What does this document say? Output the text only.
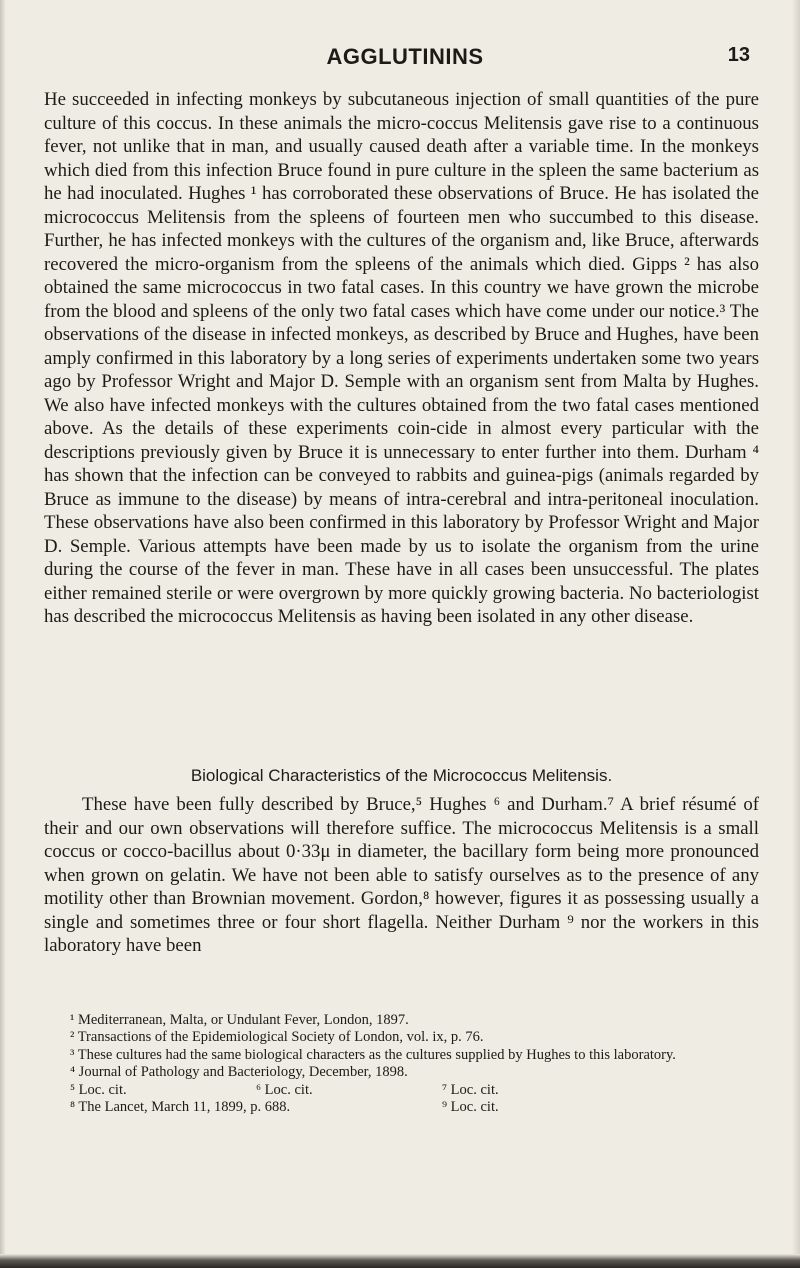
AGGLUTININS	13

He succeeded in infecting monkeys by subcutaneous injection of small quantities of the pure culture of this coccus. In these animals the micro-coccus Melitensis gave rise to a continuous fever, not unlike that in man, and usually caused death after a variable time. In the monkeys which died from this infection Bruce found in pure culture in the spleen the same bacterium as he had inoculated. Hughes ¹ has corroborated these observations of Bruce. He has isolated the micrococcus Melitensis from the spleens of fourteen men who succumbed to this disease. Further, he has infected monkeys with the cultures of the organism and, like Bruce, afterwards recovered the micro-organism from the spleens of the animals which died. Gipps ² has also obtained the same micrococcus in two fatal cases. In this country we have grown the microbe from the blood and spleens of the only two fatal cases which have come under our notice.³ The observations of the disease in infected monkeys, as described by Bruce and Hughes, have been amply confirmed in this laboratory by a long series of experiments undertaken some two years ago by Professor Wright and Major D. Semple with an organism sent from Malta by Hughes. We also have infected monkeys with the cultures obtained from the two fatal cases mentioned above. As the details of these experiments coin-cide in almost every particular with the descriptions previously given by Bruce it is unnecessary to enter further into them. Durham ⁴ has shown that the infection can be conveyed to rabbits and guinea-pigs (animals regarded by Bruce as immune to the disease) by means of intra-cerebral and intra-peritoneal inoculation. These observations have also been confirmed in this laboratory by Professor Wright and Major D. Semple. Various attempts have been made by us to isolate the organism from the urine during the course of the fever in man. These have in all cases been unsuccessful. The plates either remained sterile or were overgrown by more quickly growing bacteria. No bacteriologist has described the micrococcus Melitensis as having been isolated in any other disease.

Biological Characteristics of the Micrococcus Melitensis.

These have been fully described by Bruce,⁵ Hughes ⁶ and Durham.⁷ A brief résumé of their and our own observations will therefore suffice. The micrococcus Melitensis is a small coccus or cocco-bacillus about 0·33μ in diameter, the bacillary form being more pronounced when grown on gelatin. We have not been able to satisfy ourselves as to the presence of any motility other than Brownian movement. Gordon,⁸ however, figures it as possessing usually a single and sometimes three or four short flagella. Neither Durham ⁹ nor the workers in this laboratory have been

¹ Mediterranean, Malta, or Undulant Fever, London, 1897.

² Transactions of the Epidemiological Society of London, vol. ix, p. 76.

³ These cultures had the same biological characters as the cultures supplied by Hughes to this laboratory.

⁴ Journal of Pathology and Bacteriology, December, 1898.

⁵ Loc. cit.	⁶ Loc. cit.	⁷ Loc. cit.
⁸ The Lancet, March 11, 1899, p. 688.	⁹ Loc. cit.
